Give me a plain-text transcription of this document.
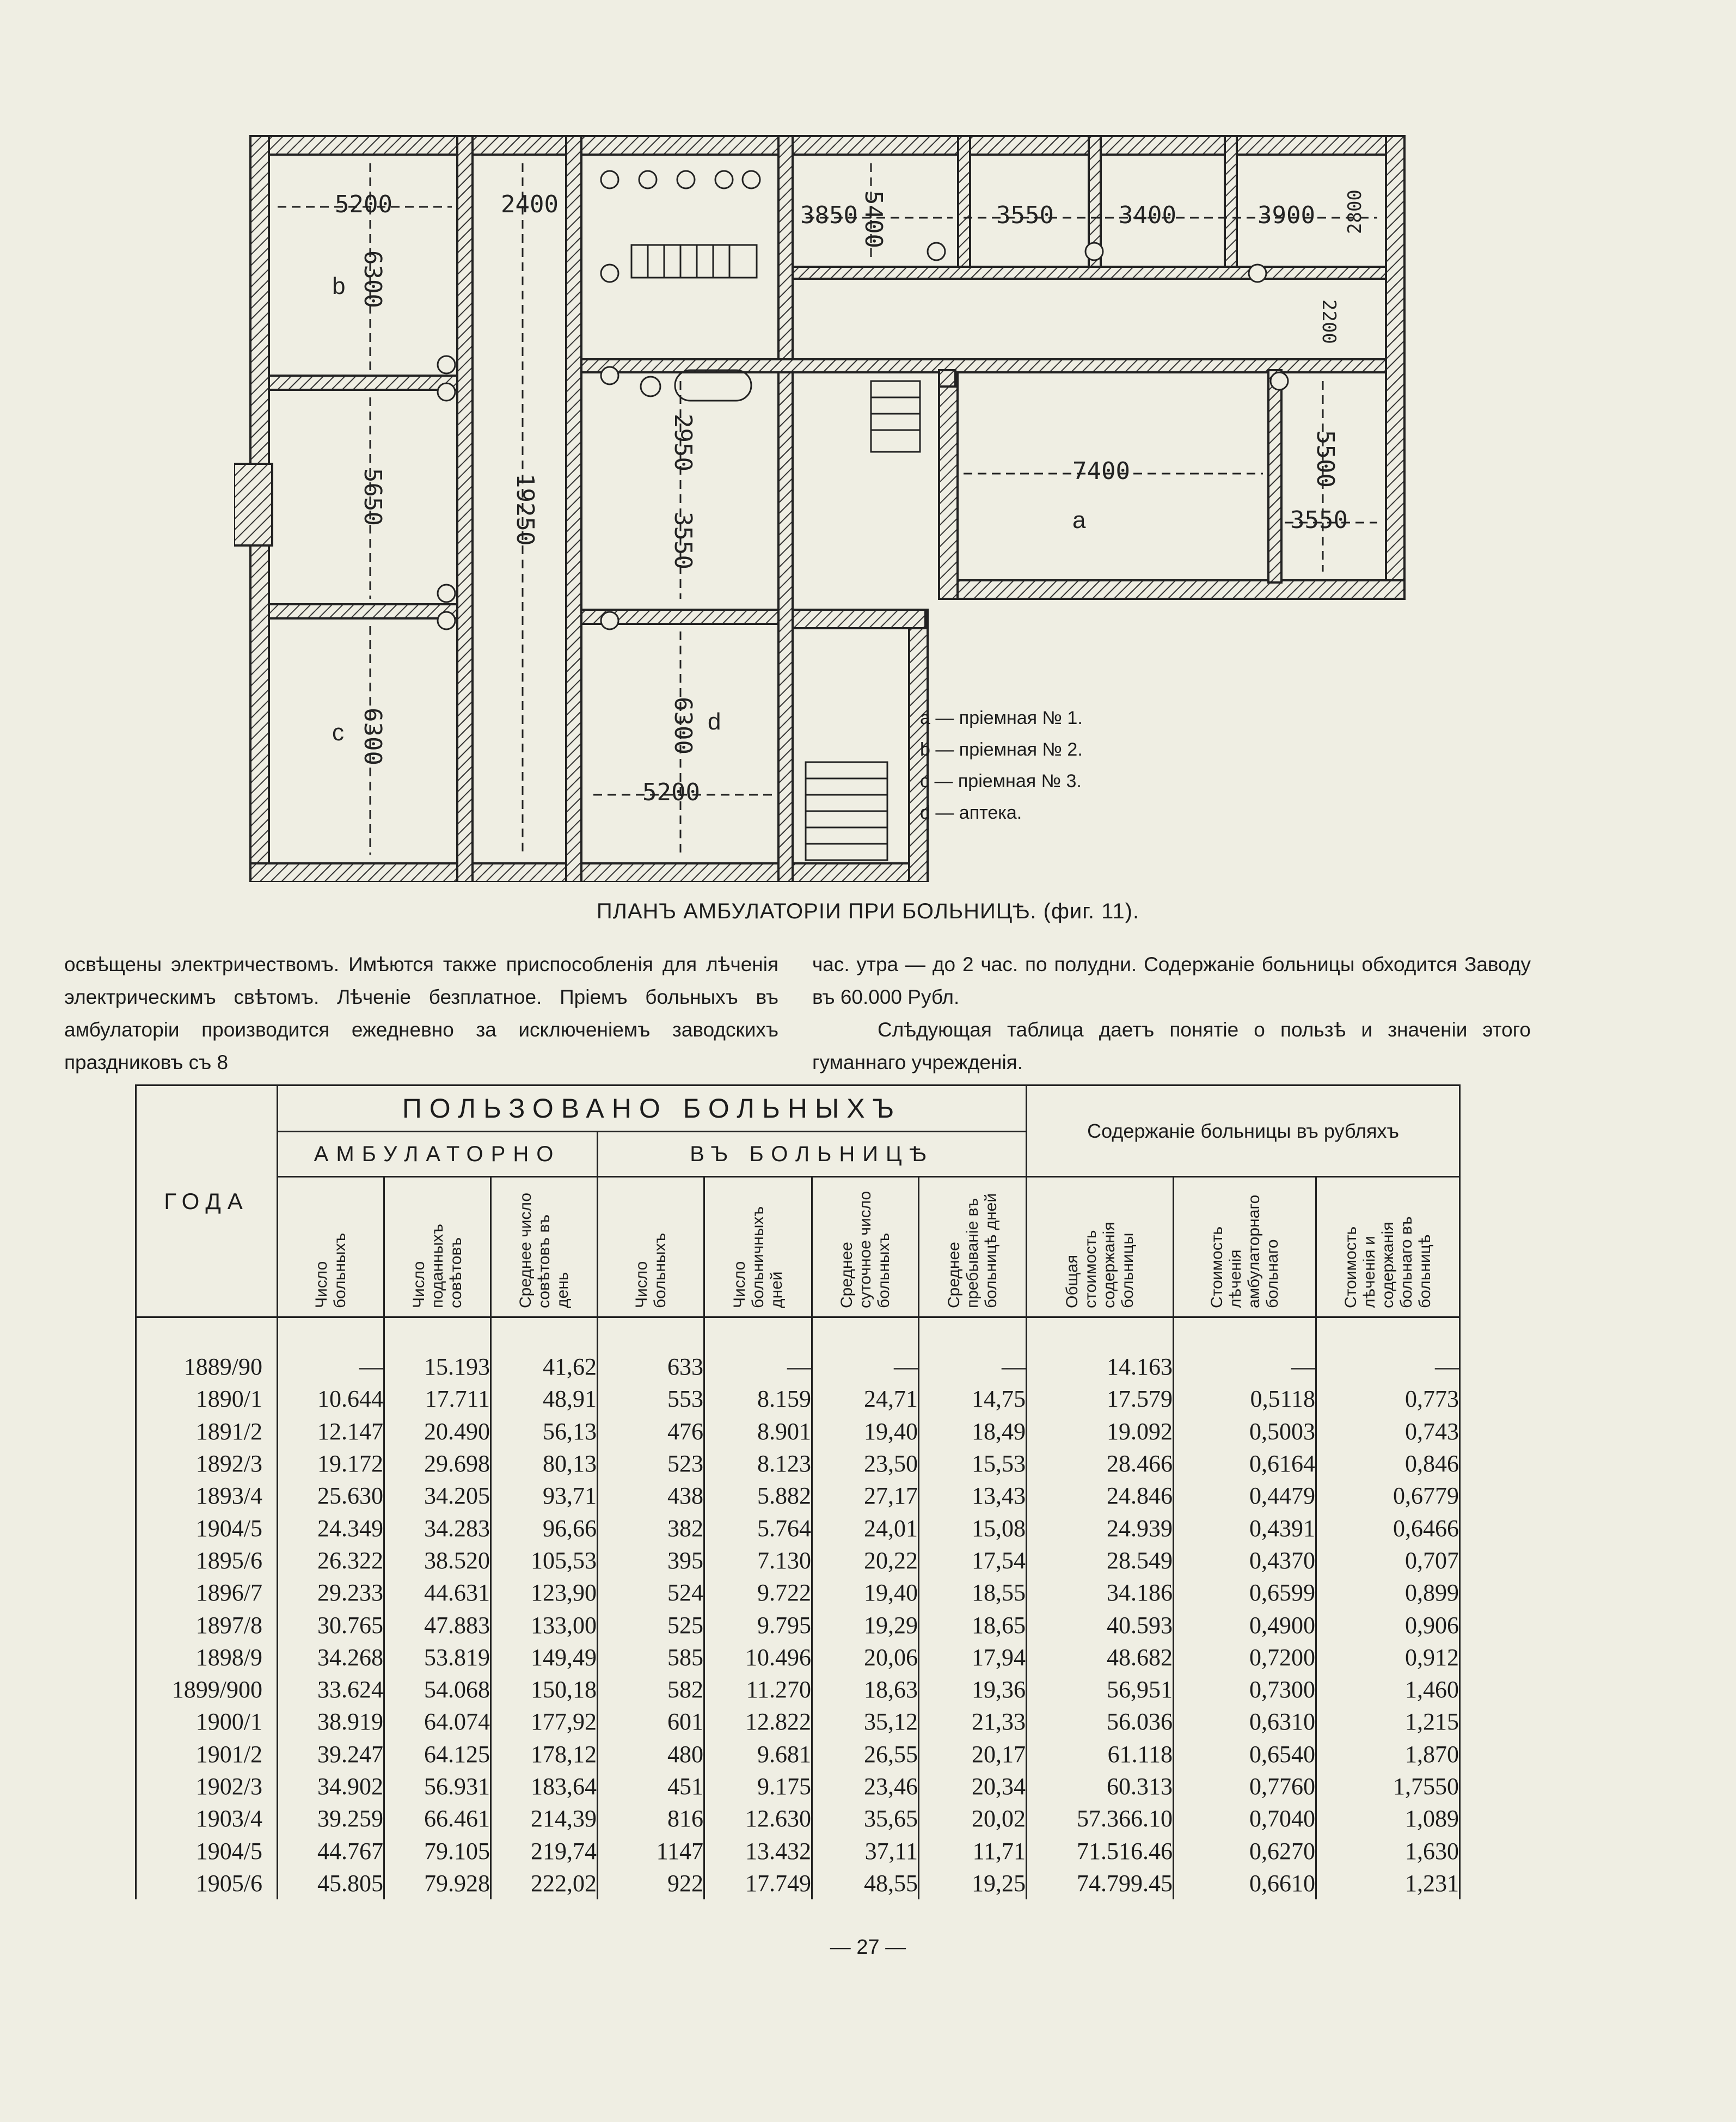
5200	2400	3850 5400	3550	3400	3900 2800
2200
6300
5650	19250
2950
3550
7400	5500
3550
6300
5200
6300
a
b
c	d	a — пріемная № 1.
b — пріемная № 2.
c — пріемная № 3.
d — аптека.
ПЛАНЪ АМБУЛАТОРІИ ПРИ БОЛЬНИЦѢ. (фиг. 11).

освѣщены электричествомъ. Имѣются также приспособленія для лѣченія электрическимъ свѣтомъ. Лѣченіе безплатное. Пріемъ больныхъ въ амбулаторіи производится ежедневно за исключеніемъ заводскихъ праздниковъ съ 8

час. утра — до 2 час. по полудни. Содержаніе больницы обходится Заводу въ 60.000 Рубл.

Слѣдующая таблица даетъ понятіе о пользѣ и значеніи этого гуманнаго учрежденія.

ГОДА	ПОЛЬЗОВАНО БОЛЬНЫХЪ							Содержаніе больницы въ рубляхъ		
	АМБУЛАТОРНО			ВЪ БОЛЬНИЦѢ						
	Число больныхъ	Число поданныхъ совѣтовъ	Среднее число совѣтовъ въ день	Число больныхъ	Число больничныхъ дней	Среднее суточное число больныхъ	Среднее пребываніе въ больницѣ дней	Общая стоимость содержанія больницы	Стоимость лѣченія амбулаторнаго больнаго	Стоимость лѣченія и содержанія больнаго въ больницѣ

1889/90	—	15.193	41,62	633	—	—	—	14.163	—	—
1890/1	10.644	17.711	48,91	553	8.159	24,71	14,75	17.579	0,5118	0,773
1891/2	12.147	20.490	56,13	476	8.901	19,40	18,49	19.092	0,5003	0,743
1892/3	19.172	29.698	80,13	523	8.123	23,50	15,53	28.466	0,6164	0,846
1893/4	25.630	34.205	93,71	438	5.882	27,17	13,43	24.846	0,4479	0,6779
1904/5	24.349	34.283	96,66	382	5.764	24,01	15,08	24.939	0,4391	0,6466
1895/6	26.322	38.520	105,53	395	7.130	20,22	17,54	28.549	0,4370	0,707
1896/7	29.233	44.631	123,90	524	9.722	19,40	18,55	34.186	0,6599	0,899
1897/8	30.765	47.883	133,00	525	9.795	19,29	18,65	40.593	0,4900	0,906
1898/9	34.268	53.819	149,49	585	10.496	20,06	17,94	48.682	0,7200	0,912
1899/900	33.624	54.068	150,18	582	11.270	18,63	19,36	56,951	0,7300	1,460
1900/1	38.919	64.074	177,92	601	12.822	35,12	21,33	56.036	0,6310	1,215
1901/2	39.247	64.125	178,12	480	9.681	26,55	20,17	61.118	0,6540	1,870
1902/3	34.902	56.931	183,64	451	9.175	23,46	20,34	60.313	0,7760	1,7550
1903/4	39.259	66.461	214,39	816	12.630	35,65	20,02	57.366.10	0,7040	1,089
1904/5	44.767	79.105	219,74	1147	13.432	37,11	11,71	71.516.46	0,6270	1,630
1905/6	45.805	79.928	222,02	922	17.749	48,55	19,25	74.799.45	0,6610	1,231
— 27 —
